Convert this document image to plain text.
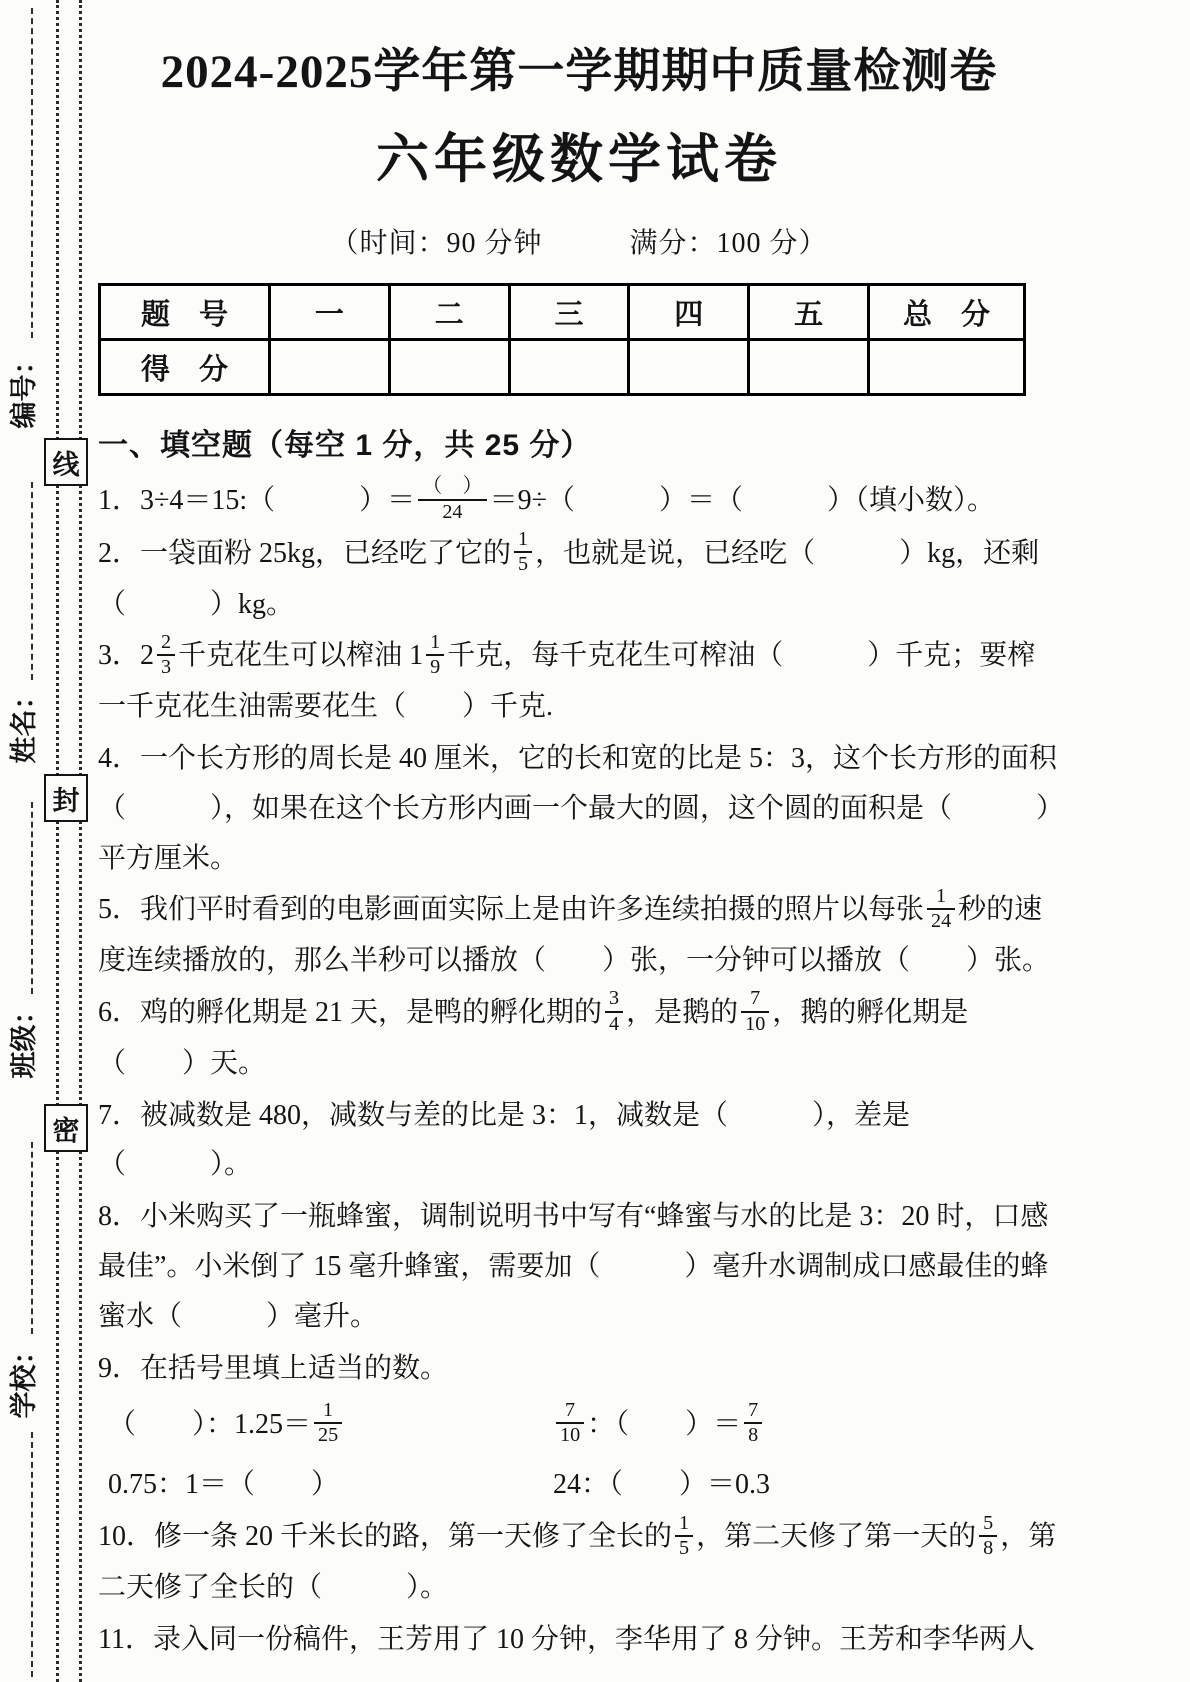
编号：
姓名：
班级：
学校：
线
封
密
2024-2025学年第一学期期中质量检测卷
六年级数学试卷
（时间：90 分钟　　　满分：100 分）
题　号	一	二	三	四	五	总　分
得　分						
一、填空题（每空 1 分，共 25 分）
1．3÷4＝15:（　　　）＝ $\frac{( )}{24} =9\div$（　　　）＝（　　　）（填小数）。
2．一袋面粉 25kg，已经吃了它的 $\frac{1}{5}$ ，也就是说，已经吃（　　　）kg，还剩（　　　）kg。
3．$2 \frac{2}{3}$ 千克花生可以榨油 $1 \frac{1}{9}$ 千克，每千克花生可榨油（　　　）千克；要榨一千克花生油需要花生（　　）千克.
4．一个长方形的周长是 40 厘米，它的长和宽的比是 5：3，这个长方形的面积（　　　），如果在这个长方形内画一个最大的圆，这个圆的面积是（　　　）平方厘米。
5．我们平时看到的电影画面实际上是由许多连续拍摄的照片以每张 $\frac{1}{24}$ 秒的速度连续播放的，那么半秒可以播放（　　）张，一分钟可以播放（　　）张。
6．鸡的孵化期是 21 天，是鸭的孵化期的 $\frac{3}{4}$ ，是鹅的 $\frac{7}{10}$ ，鹅的孵化期是（　　）天。
7．被减数是 480，减数与差的比是 3：1，减数是（　　　），差是（　　　）。
8．小米购买了一瓶蜂蜜，调制说明书中写有“蜂蜜与水的比是 3：20 时，口感最佳”。小米倒了 15 毫升蜂蜜，需要加（　　　）毫升水调制成口感最佳的蜂蜜水（　　　）毫升。
9．在括号里填上适当的数。
（　　）：$1.25= \frac{1}{25}$	$\frac{7}{10}$ ：（　　）＝ $\frac{7}{8}$
0.75：1＝（　　）	24：（　　）＝0.3
10．修一条 20 千米长的路，第一天修了全长的 $\frac{1}{5}$ ，第二天修了第一天的 $\frac{5}{8}$ ，第二天修了全长的（　　　）。
11．录入同一份稿件，王芳用了 10 分钟，李华用了 8 分钟。王芳和李华两人
